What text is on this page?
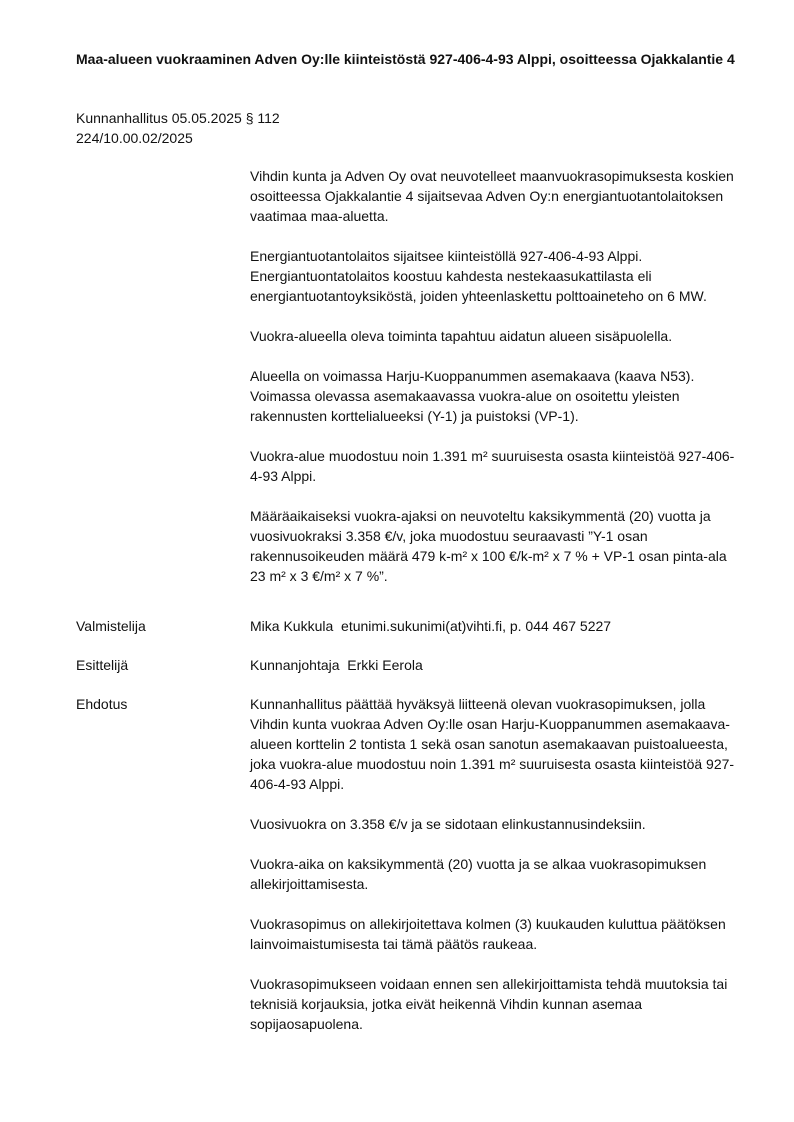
Maa-alueen vuokraaminen Adven Oy:lle kiinteistöstä 927-406-4-93 Alppi, osoitteessa Ojakkalantie 4
Kunnanhallitus 05.05.2025 § 112
224/10.00.02/2025

Vihdin kunta ja Adven Oy ovat neuvotelleet maanvuokrasopimuksesta koskien osoitteessa Ojakkalantie 4 sijaitsevaa Adven Oy:n energiantuotantolaitoksen vaatimaa maa-aluetta.

Energiantuotantolaitos sijaitsee kiinteistöllä 927-406-4-93 Alppi. Energiantuontatolaitos koostuu kahdesta nestekaasukattilasta eli energiantuotantoyksiköstä, joiden yhteenlaskettu polttoaineteho on 6 MW.

Vuokra-alueella oleva toiminta tapahtuu aidatun alueen sisäpuolella.

Alueella on voimassa Harju-Kuoppanummen asemakaava (kaava N53). Voimassa olevassa asemakaavassa vuokra-alue on osoitettu yleisten rakennusten korttelialueeksi (Y-1) ja puistoksi (VP-1).

Vuokra-alue muodostuu noin 1.391 m² suuruisesta osasta kiinteistöä 927-406-4-93 Alppi.

Määräaikaiseksi vuokra-ajaksi on neuvoteltu kaksikymmentä (20) vuotta ja vuosivuokraksi 3.358 €/v, joka muodostuu seuraavasti ”Y-1 osan rakennusoikeuden määrä 479 k-m² x 100 €/k-m² x 7 % + VP-1 osan pinta-ala 23 m² x 3 €/m² x 7 %”.

Valmistelija	Mika Kukkula  etunimi.sukunimi(at)vihti.fi, p. 044 467 5227
Esittelijä	Kunnanjohtaja  Erkki Eerola
Ehdotus	Kunnanhallitus päättää hyväksyä liitteenä olevan vuokrasopimuksen, jolla Vihdin kunta vuokraa Adven Oy:lle osan Harju-Kuoppanummen asemakaava-alueen korttelin 2 tontista 1 sekä osan sanotun asemakaavan puistoalueesta, joka vuokra-alue muodostuu noin 1.391 m² suuruisesta osasta kiinteistöä 927-406-4-93 Alppi.

Vuosivuokra on 3.358 €/v ja se sidotaan elinkustannusindeksiin.

Vuokra-aika on kaksikymmentä (20) vuotta ja se alkaa vuokrasopimuksen allekirjoittamisesta.

Vuokrasopimus on allekirjoitettava kolmen (3) kuukauden kuluttua päätöksen lainvoimaistumisesta tai tämä päätös raukeaa.

Vuokrasopimukseen voidaan ennen sen allekirjoittamista tehdä muutoksia tai teknisiä korjauksia, jotka eivät heikennä Vihdin kunnan asemaa sopijaosapuolena.
